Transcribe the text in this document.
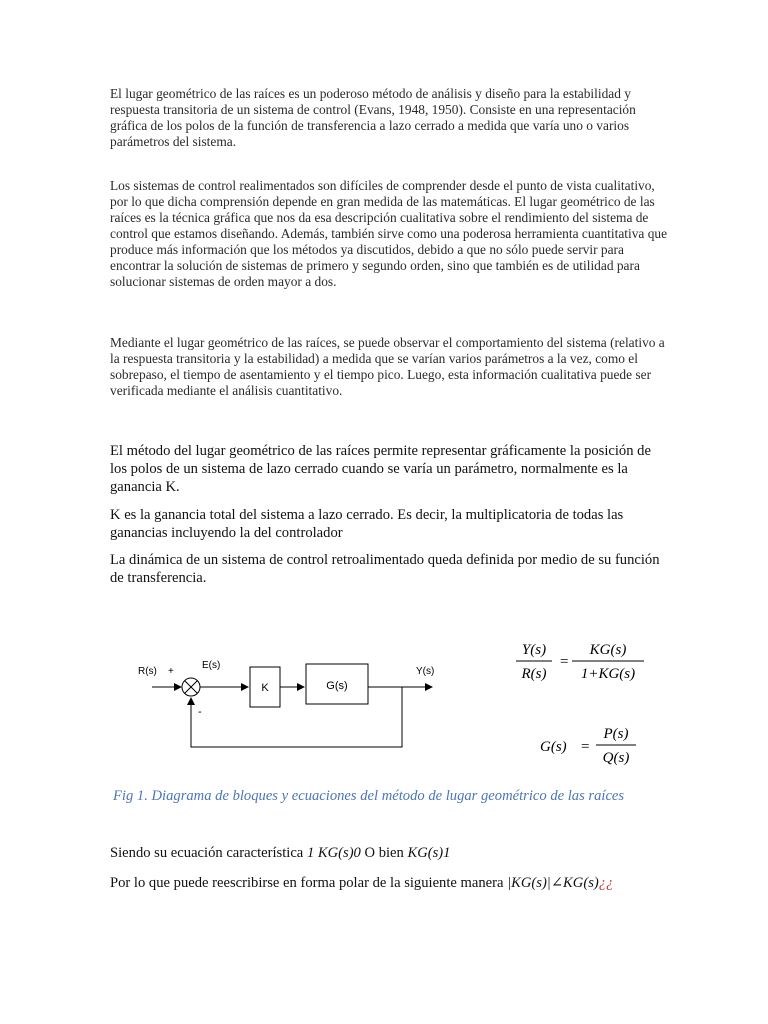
El lugar geométrico de las raíces es un poderoso método de análisis y diseño para la estabilidad y respuesta transitoria de un sistema de control (Evans, 1948, 1950). Consiste en una representación gráfica de los polos de la función de transferencia a lazo cerrado a medida que varía uno o varios parámetros del sistema.

Los sistemas de control realimentados son difíciles de comprender desde el punto de vista cualitativo, por lo que dicha comprensión depende en gran medida de las matemáticas. El lugar geométrico de las raíces es la técnica gráfica que nos da esa descripción cualitativa sobre el rendimiento del sistema de control que estamos diseñando. Además, también sirve como una poderosa herramienta cuantitativa que produce más información que los métodos ya discutidos, debido a que no sólo puede servir para encontrar la solución de sistemas de primero y segundo orden, sino que también es de utilidad para solucionar sistemas de orden mayor a dos.

Mediante el lugar geométrico de las raíces, se puede observar el comportamiento del sistema (relativo a la respuesta transitoria y la estabilidad) a medida que se varían varios parámetros a la vez, como el sobrepaso, el tiempo de asentamiento y el tiempo pico. Luego, esta información cualitativa puede ser verificada mediante el análisis cuantitativo.

El método del lugar geométrico de las raíces permite representar gráficamente la posición de los polos de un sistema de lazo cerrado cuando se varía un parámetro, normalmente es la ganancia K.

K es la ganancia total del sistema a lazo cerrado. Es decir, la multiplicatoria de todas las ganancias incluyendo la del controlador

La dinámica de un sistema de control retroalimentado queda definida por medio de su función de transferencia.

R(s) +
E(s)
-
K	G(s)
Y(s)
Y(s)
R(s)
=
KG(s)
1+KG(s)
G(s) =
P(s)
Q(s)

Fig 1. Diagrama de bloques y ecuaciones del método de lugar geométrico de las raíces

Siendo su ecuación característica 1 KG(s)0 O bien KG(s)1

Por lo que puede reescribirse en forma polar de la siguiente manera |KG(s)|∠KG(s)¿¿
